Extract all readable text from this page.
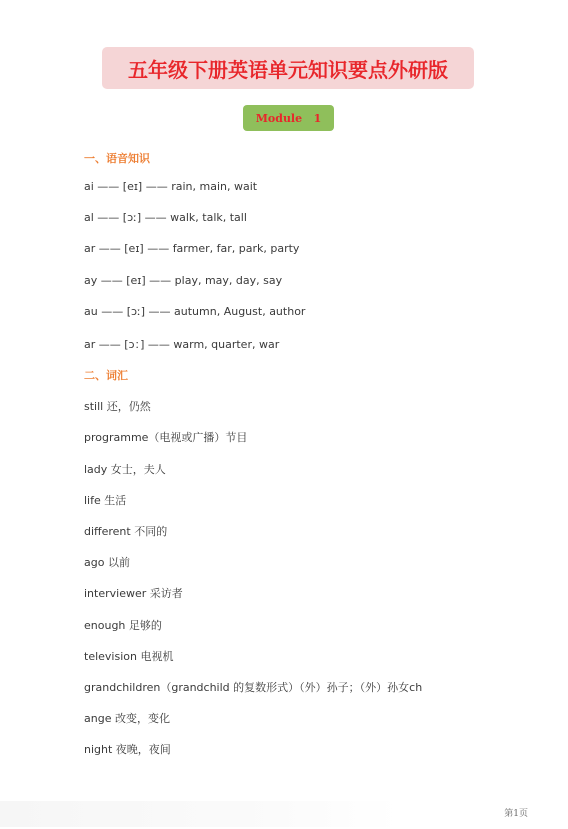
五年级下册英语单元知识要点外研版
Module   1
一、语音知识
ai —— [eɪ] —— rain, main, wait
al —— [ɔː] —— walk, talk, tall
ar —— [eɪ] —— farmer, far, park, party
ay —— [eɪ] —— play, may, day, say
au —— [ɔː] —— autumn, August, author
ar —— [ɔ：] —— warm, quarter, war
二、词汇
still 还，仍然
programme（电视或广播）节目
lady 女士，夫人
life 生活
different 不同的
ago 以前
interviewer 采访者
enough 足够的
television 电视机
grandchildren（grandchild 的复数形式）（外）孙子；（外）孙女ch
ange 改变，变化
night 夜晚，夜间
第1页
